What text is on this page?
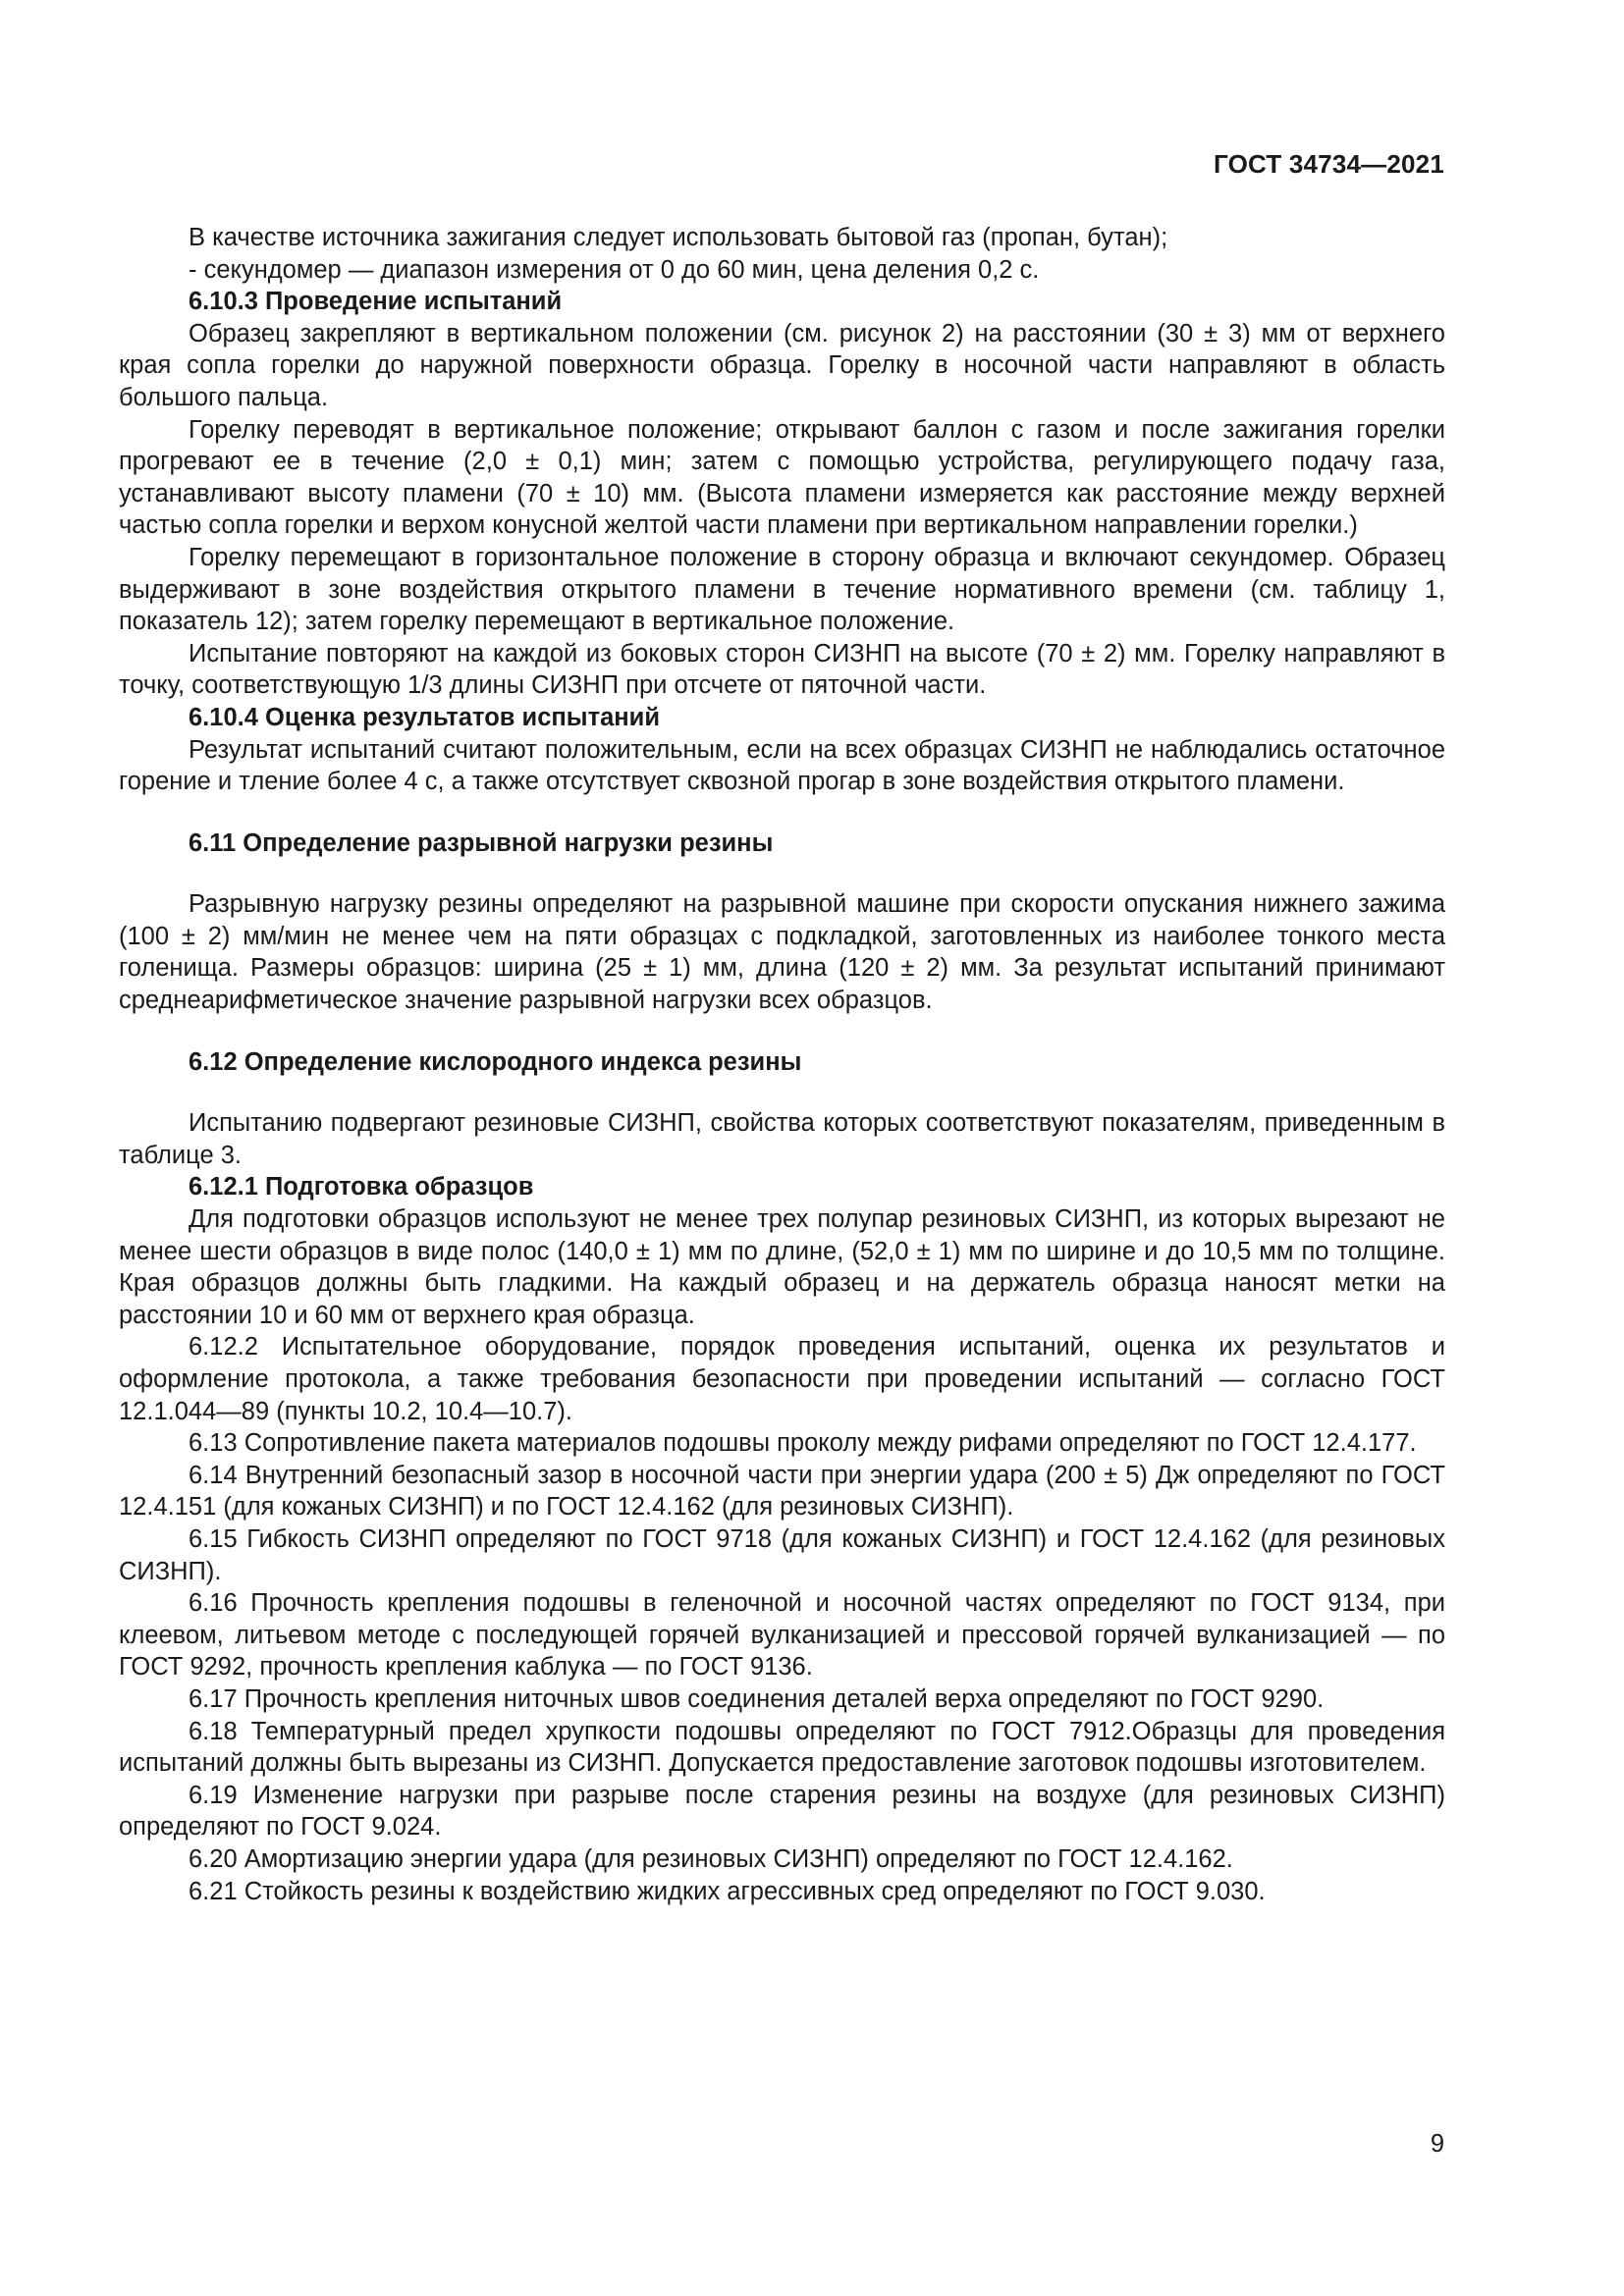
ГОСТ 34734—2021

В качестве источника зажигания следует использовать бытовой газ (пропан, бутан);

- секундомер — диапазон измерения от 0 до 60 мин, цена деления 0,2 с.

6.10.3 Проведение испытаний

Образец закрепляют в вертикальном положении (см. рисунок 2) на расстоянии (30 ± 3) мм от верхнего края сопла горелки до наружной поверхности образца. Горелку в носочной части направляют в область большого пальца.

Горелку переводят в вертикальное положение; открывают баллон с газом и после зажигания горелки прогревают ее в течение (2,0 ± 0,1) мин; затем с помощью устройства, регулирующего подачу газа, устанавливают высоту пламени (70 ± 10) мм. (Высота пламени измеряется как расстояние между верхней частью сопла горелки и верхом конусной желтой части пламени при вертикальном направлении горелки.)

Горелку перемещают в горизонтальное положение в сторону образца и включают секундомер. Образец выдерживают в зоне воздействия открытого пламени в течение нормативного времени (см. таблицу 1, показатель 12); затем горелку перемещают в вертикальное положение.

Испытание повторяют на каждой из боковых сторон СИЗНП на высоте (70 ± 2) мм. Горелку направляют в точку, соответствующую 1/3 длины СИЗНП при отсчете от пяточной части.

6.10.4 Оценка результатов испытаний

Результат испытаний считают положительным, если на всех образцах СИЗНП не наблюдались остаточное горение и тление более 4 с, а также отсутствует сквозной прогар в зоне воздействия открытого пламени.

6.11 Определение разрывной нагрузки резины

Разрывную нагрузку резины определяют на разрывной машине при скорости опускания нижнего зажима (100 ± 2) мм/мин не менее чем на пяти образцах с подкладкой, заготовленных из наиболее тонкого места голенища. Размеры образцов: ширина (25 ± 1) мм, длина (120 ± 2) мм. За результат испытаний принимают среднеарифметическое значение разрывной нагрузки всех образцов.

6.12 Определение кислородного индекса резины

Испытанию подвергают резиновые СИЗНП, свойства которых соответствуют показателям, приведенным в таблице 3.

6.12.1 Подготовка образцов

Для подготовки образцов используют не менее трех полупар резиновых СИЗНП, из которых вырезают не менее шести образцов в виде полос (140,0 ± 1) мм по длине, (52,0 ± 1) мм по ширине и до 10,5 мм по толщине. Края образцов должны быть гладкими. На каждый образец и на держатель образца наносят метки на расстоянии 10 и 60 мм от верхнего края образца.

6.12.2 Испытательное оборудование, порядок проведения испытаний, оценка их результатов и оформление протокола, а также требования безопасности при проведении испытаний — согласно ГОСТ 12.1.044—89 (пункты 10.2, 10.4—10.7).

6.13 Сопротивление пакета материалов подошвы проколу между рифами определяют по ГОСТ 12.4.177.

6.14 Внутренний безопасный зазор в носочной части при энергии удара (200 ± 5) Дж определяют по ГОСТ 12.4.151 (для кожаных СИЗНП) и по ГОСТ 12.4.162 (для резиновых СИЗНП).

6.15 Гибкость СИЗНП определяют по ГОСТ 9718 (для кожаных СИЗНП) и ГОСТ 12.4.162 (для резиновых СИЗНП).

6.16 Прочность крепления подошвы в геленочной и носочной частях определяют по ГОСТ 9134, при клеевом, литьевом методе с последующей горячей вулканизацией и прессовой горячей вулканизацией — по ГОСТ 9292, прочность крепления каблука — по ГОСТ 9136.

6.17 Прочность крепления ниточных швов соединения деталей верха определяют по ГОСТ 9290.

6.18 Температурный предел хрупкости подошвы определяют по ГОСТ 7912.Образцы для проведения испытаний должны быть вырезаны из СИЗНП. Допускается предоставление заготовок подошвы изготовителем.

6.19 Изменение нагрузки при разрыве после старения резины на воздухе (для резиновых СИЗНП) определяют по ГОСТ 9.024.

6.20 Амортизацию энергии удара (для резиновых СИЗНП) определяют по ГОСТ 12.4.162.

6.21 Стойкость резины к воздействию жидких агрессивных сред определяют по ГОСТ 9.030.

9
